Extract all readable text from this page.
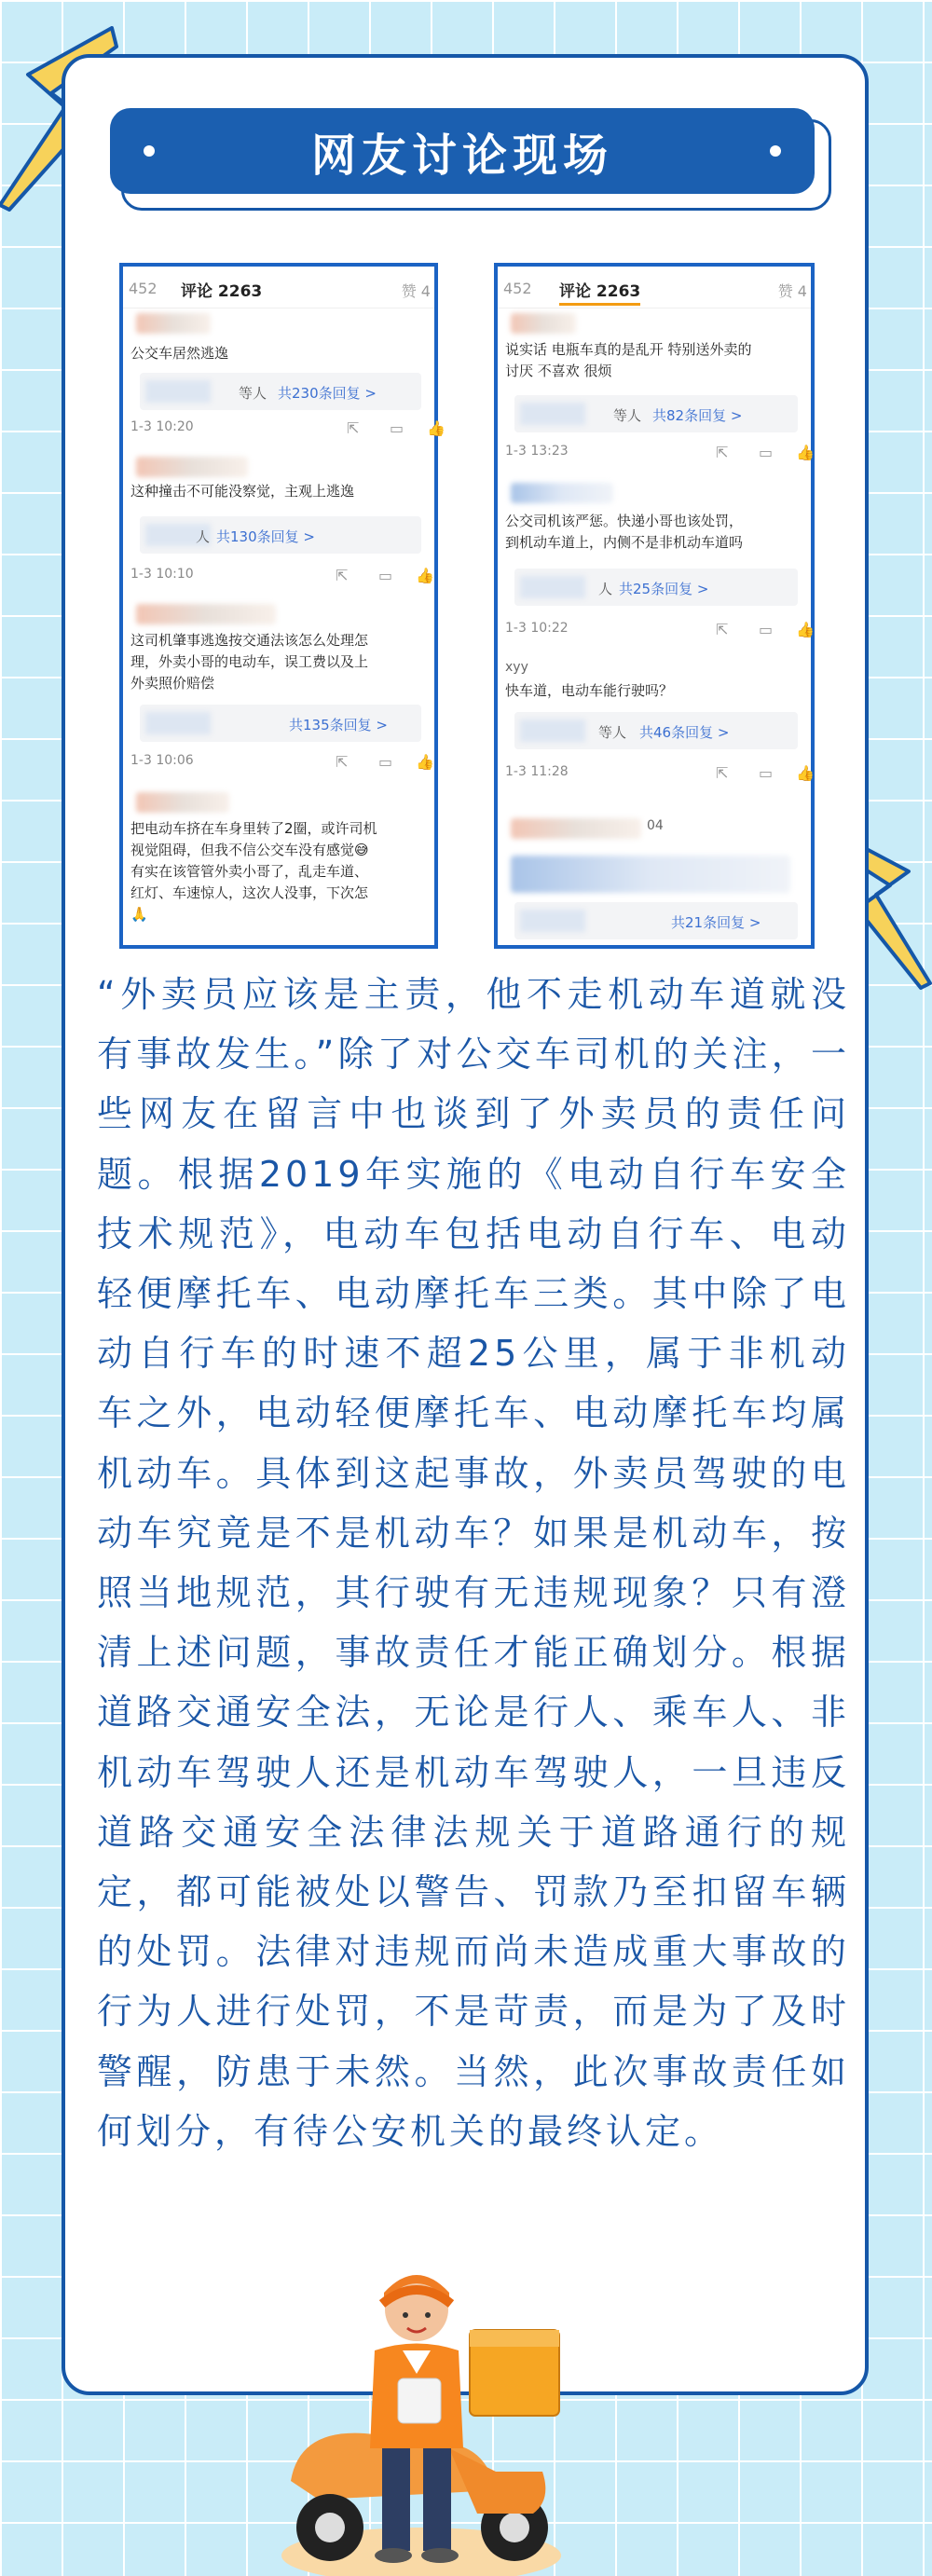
网友讨论现场
452 评论 2263	赞 4
公交车居然逃逸
等人 共230条回复 >
1-3 10:20	⇱ ▭ 👍
这种撞击不可能没察觉，主观上逃逸
人 共130条回复 >
1-3 10:10	⇱ ▭ 👍
这司机肇事逃逸按交通法该怎么处理怎
理，外卖小哥的电动车，误工费以及上
外卖照价赔偿
共135条回复 >
1-3 10:06	⇱ ▭ 👍
把电动车挤在车身里转了2圈，或许司机
视觉阻碍，但我不信公交车没有感觉😅
有实在该管管外卖小哥了，乱走车道、
红灯、车速惊人，这次人没事，下次怎
🙏
452 评论 2263	赞 4
说实话 电瓶车真的是乱开 特别送外卖的
讨厌 不喜欢 很烦
等人 共82条回复 >
1-3 13:23	⇱ ▭ 👍
公交司机该严惩。快递小哥也该处罚，
到机动车道上，内侧不是非机动车道吗
人 共25条回复 >
1-3 10:22	⇱ ▭ 👍
xyy
快车道，电动车能行驶吗？
等人 共46条回复 >
1-3 11:28	⇱ ▭ 👍
04
共21条回复 >
“外卖员应该是主责，他不走机动车道就没有事故发生。”除了对公交车司机的关注，一些网友在留言中也谈到了外卖员的责任问题。根据2019年实施的《电动自行车安全技术规范》，电动车包括电动自行车、电动轻便摩托车、电动摩托车三类。其中除了电动自行车的时速不超25公里，属于非机动车之外，电动轻便摩托车、电动摩托车均属机动车。具体到这起事故，外卖员驾驶的电动车究竟是不是机动车？如果是机动车，按照当地规范，其行驶有无违规现象？只有澄清上述问题，事故责任才能正确划分。根据道路交通安全法，无论是行人、乘车人、非机动车驾驶人还是机动车驾驶人，一旦违反道路交通安全法律法规关于道路通行的规定，都可能被处以警告、罚款乃至扣留车辆的处罚。法律对违规而尚未造成重大事故的行为人进行处罚，不是苛责，而是为了及时警醒，防患于未然。当然，此次事故责任如何划分，有待公安机关的最终认定。
